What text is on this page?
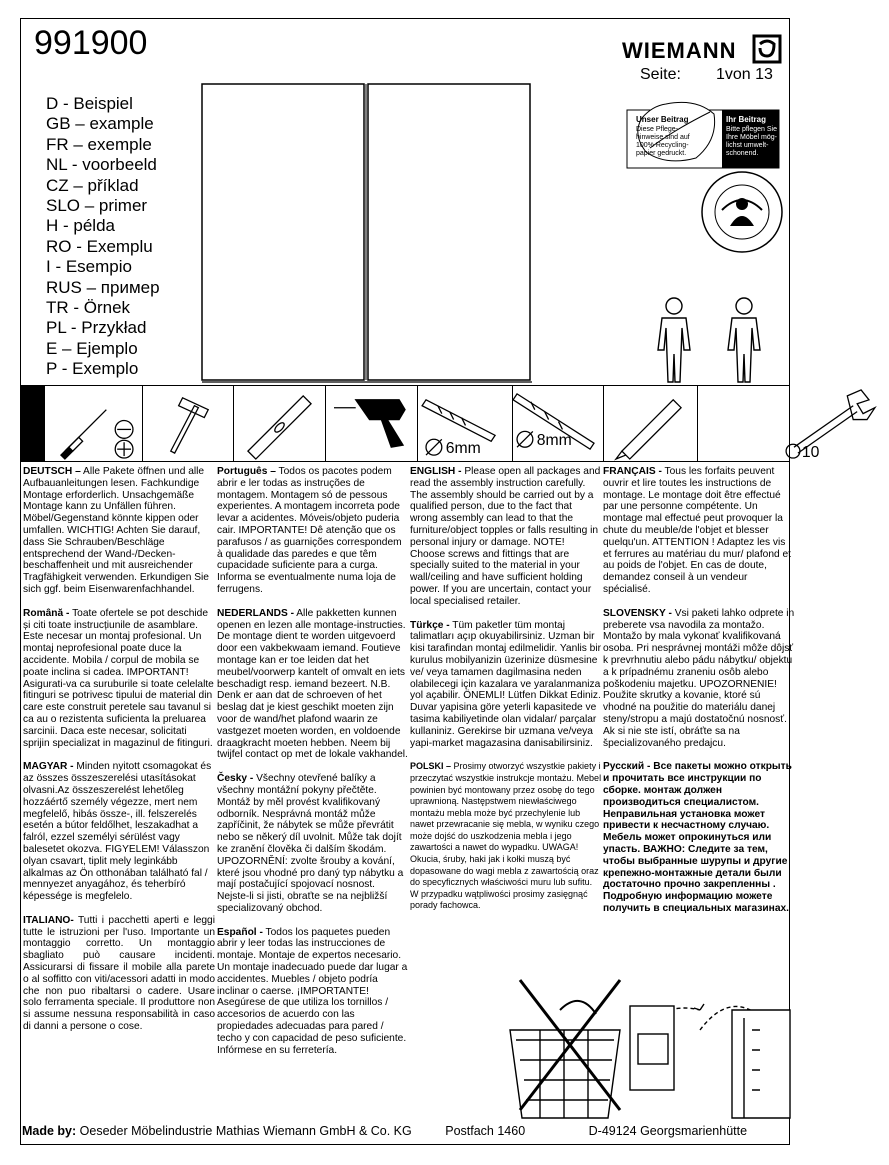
991900	WIEMANN
Seite: 1von 13
D - Beispiel
GB – example
FR – exemple
NL - voorbeeld
CZ – příklad
SLO – primer
H - példa
RO - Exemplu
I - Esempio
RUS – пример
TR - Örnek
PL - Przykład
E – Ejemplo
P - Exemplo
Unser Beitrag
Diese Pflege-hinweise sind auf 100% Recycling-papier gedruckt.
Ihr Beitrag
Bitte pflegen Sie Ihre Möbel mög-lichst umwelt-schonend.
6mm	8mm
10
DEUTSCH – Alle Pakete öffnen und alle Aufbauanleitungen lesen. Fachkundige Montage erforderlich. Unsachgemäße Montage kann zu Unfällen führen. Möbel/Gegenstand könnte kippen oder umfallen. WICHTIG! Achten Sie darauf, dass Sie Schrauben/Beschläge entsprechend der Wand-/Decken-beschaffenheit und mit ausreichender Tragfähigkeit verwenden. Erkundigen Sie sich ggf. beim Eisenwarenfachhandel.
Română - Toate ofertele se pot deschide și citi toate instrucțiunile de asamblare. Este necesar un montaj profesional. Un montaj neprofesional poate duce la accidente. Mobila / corpul de mobila se poate inclina si cadea. IMPORTANT! Asigurati-va ca suruburile si toate celelalte fitinguri se potrivesc tipului de material din care este construit peretele sau tavanul si ca au o rezistenta suficienta la preluarea sarcinii. Daca este necesar, solicitati sprijin specializat in magazinul de fitinguri.
MAGYAR - Minden nyitott csomagokat és az összes összeszerelési utasításokat olvasni.Az összeszerelést lehetőleg hozzáértő személy végezze, mert nem megfelelő, hibás össze-, ill. felszerelés esetén a bútor feldőlhet, leszakadhat a falról, ezzel személyi sérülést vagy balesetet okozva. FIGYELEM! Válasszon olyan csavart, tiplit mely leginkább alkalmas az Ön otthonában található fal / mennyezet anyagához, és teherbíró képessége is megfelelo.
ITALIANO- Tutti i pacchetti aperti e leggi tutte le istruzioni per l'uso. Importante un montaggio corretto. Un montaggio sbagliato può causare incidenti. Assicurarsi di fissare il mobile alla parete o al soffitto con viti/acessori adatti in modo che non puo ribaltarsi o cadere. Usare solo ferramenta speciale. Il produttore non si assume nessuna responsabilità in caso di danni a persone o cose.
Português – Todos os pacotes podem abrir e ler todas as instruções de montagem. Montagem só de pessous experientes. A montagem incorreta pode levar a acidentes. Móveis/objeto puderia cair. IMPORTANTE! Dê atenção que os parafusos / as guarnições correspondem à qualidade das paredes e que têm cupacidade suficiente para a curga. Informa se eventualmente numa loja de ferrugens.
NEDERLANDS - Alle pakketten kunnen openen en lezen alle montage-instructies. De montage dient te worden uitgevoerd door een vakbekwaam iemand. Foutieve montage kan er toe leiden dat het meubel/voorwerp kantelt of omvalt en iets beschadigt resp. iemand bezeert. N.B. Denk er aan dat de schroeven of het beslag dat je kiest geschikt moeten zijn voor de wand/het plafond waarin ze vastgezet moeten worden, en voldoende draagkracht moeten hebben. Neem bij twijfel contact op met de lokale vakhandel.
Česky - Všechny otevřené balíky a všechny montážní pokyny přečtěte. Montáž by měl provést kvalifikovaný odborník. Nesprávná montáž může zapříčinit, že nábytek se může převrátit nebo se někerý díl uvolnit. Může tak dojít ke zranění člověka či dalším škodám. UPOZORNĚNÍ: zvolte šrouby a kování, které jsou vhodné pro daný typ nábytku a mají postačující spojovací nosnost. Nejste-li si jisti, obraťte se na nejbližší specializovaný obchod.
Español - Todos los paquetes pueden abrir y leer todas las instrucciones de montaje. Montaje de expertos necesario. Un montaje inadecuado puede dar lugar a accidentes. Muebles / objeto podría inclinar o caerse. ¡IMPORTANTE! Asegúrese de que utiliza los tornillos / accesorios de acuerdo con las propiedades adecuadas para pared / techo y con capacidad de peso suficiente. Infórmese en su ferretería.
ENGLISH - Please open all packages and read the assembly instruction carefully. The assembly should be carried out by a qualified person, due to the fact that wrong assembly can lead to that the furniture/object topples or falls resulting in personal injury or damage. NOTE! Choose screws and fittings that are specially suited to the material in your wall/ceiling and have sufficient holding power. If you are uncertain, contact your local specialised retailer.
Türkçe - Tüm paketler tüm montaj talimatları açıp okuyabilirsiniz. Uzman bir kisi tarafindan montaj edilmelidir. Yanlis bir kurulus mobilyanizin üzerinize düsmesine ve/ veya tamamen dagilmasina neden olabilecegi için kazalara ve yaralanmaniza yol açabilir. ÖNEMLI! Lütfen Dikkat Ediniz. Duvar yapisina göre yeterli kapasitede ve tasima kabiliyetinde olan vidalar/ parçalar kullaniniz. Gerekirse bir uzmana ve/veya yapi-market magazasina danisabilirsiniz.
POLSKI – Prosimy otworzyć wszystkie pakiety i przeczytać wszystkie instrukcje montażu. Mebel powinien być montowany przez osobę do tego uprawnioną. Następstwem niewłaściwego montażu mebla może być przechylenie lub nawet przewracanie się mebla, w wyniku czego może dojść do uszkodzenia mebla i jego zawartości a nawet do wypadku. UWAGA! Okucia, śruby, haki jak i kołki muszą być dopasowane do wagi mebla z zawartością oraz do specyficznych właściwości muru lub sufitu. W przypadku wątpliwości prosimy zasięgnąć porady fachowca.
FRANÇAIS - Tous les forfaits peuvent ouvrir et lire toutes les instructions de montage. Le montage doit être effectué par une personne compétente. Un montage mal effectué peut provoquer la chute du meuble/de l'objet et blesser quelqu'un. ATTENTION ! Adaptez les vis et ferrures au matériau du mur/ plafond et au poids de l'objet. En cas de doute, demandez conseil à un vendeur spécialisé.
SLOVENSKY - Vsi paketi lahko odprete in preberete vsa navodila za montažo. Montažo by mala vykonať kvalifikovaná osoba. Pri nesprávnej montáži môže dôjsť k prevrhnutiu alebo pádu nábytku/ objektu a k prípadnému zraneniu osôb alebo poškodeniu majetku. UPOZORNENIE! Použite skrutky a kovanie, ktoré sú vhodné na použitie do materiálu danej steny/stropu a majú dostatočnú nosnosť. Ak si nie ste istí, obráťte sa na špecializovaného predajcu.
Русский - Все пакеты можно открыть и прочитать все инструкции по сборке. монтаж должен производиться специалистом. Неправильная установка может привести к несчастному случаю. Мебель может опрокинуться или упасть. ВАЖНО: Следите за тем, чтобы выбранные шурупы и другие крепежно-монтажные детали были достаточно прочно закрепленны . Подробную информацию можете получить в специальных магазинах.
Made by: Oeseder Möbelindustrie Mathias Wiemann GmbH & Co. KG	Postfach 1460	D-49124 Georgsmarienhütte
